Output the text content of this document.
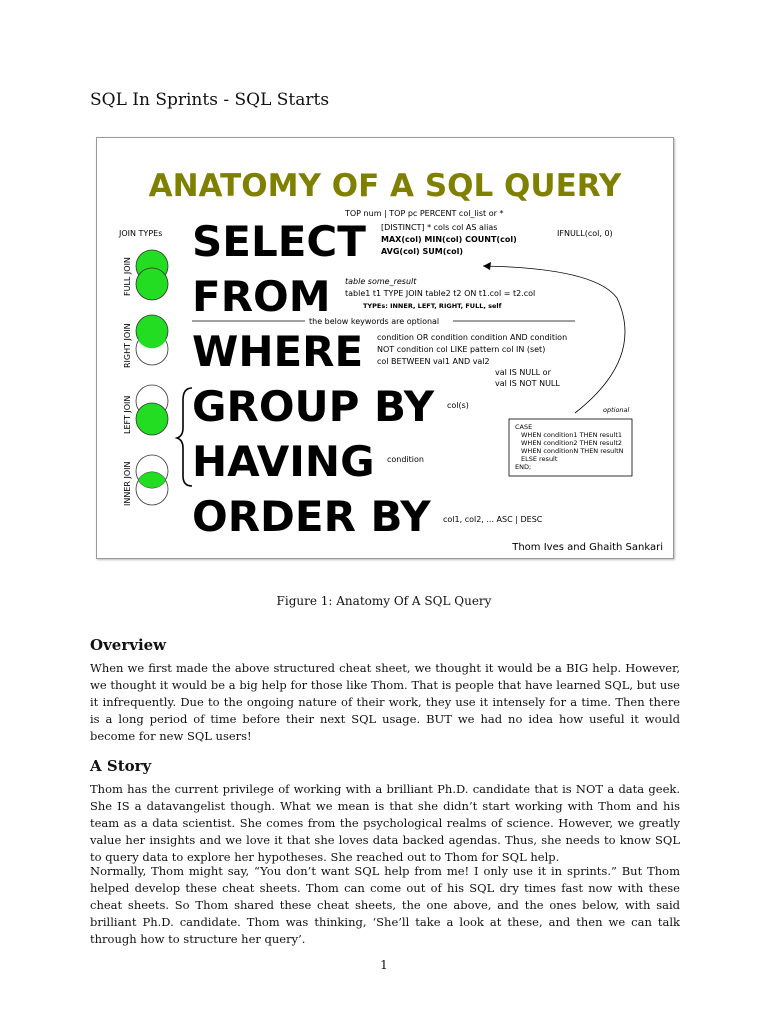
SQL In Sprints - SQL Starts
ANATOMY OF A SQL QUERY
SELECT
FROM
WHERE
GROUP BY
HAVING
ORDER BY
JOIN TYPEs
FULL JOIN
RIGHT JOIN
LEFT JOIN
INNER JOIN
TOP num | TOP pc PERCENT col_list or *
[DISTINCT] * cols col AS alias
MAX(col) MIN(col) COUNT(col)
AVG(col) SUM(col)
IFNULL(col, 0)
table some_result
table1 t1 TYPE JOIN table2 t2 ON t1.col = t2.col
TYPEs: INNER, LEFT, RIGHT, FULL, self
the below keywords are optional
condition OR condition condition AND condition
NOT condition col LIKE pattern col IN (set)
col BETWEEN val1 AND val2
val IS NULL or
val IS NOT NULL
optional
CASE
WHEN condition1 THEN result1
WHEN condition2 THEN result2
WHEN conditionN THEN resultN
ELSE result
END;
col(s)
condition
col1, col2, ... ASC | DESC
Thom Ives and Ghaith Sankari
Figure 1: Anatomy Of A SQL Query
Overview

When we first made the above structured cheat sheet, we thought it would be a BIG help. However, we thought it would be a big help for those like Thom. That is people that have learned SQL, but use it infrequently. Due to the ongoing nature of their work, they use it intensely for a time. Then there is a long period of time before their next SQL usage. BUT we had no idea how useful it would become for new SQL users!

A Story

Thom has the current privilege of working with a brilliant Ph.D. candidate that is NOT a data geek. She IS a datavangelist though. What we mean is that she didn’t start working with Thom and his team as a data scientist. She comes from the psychological realms of science. However, we greatly value her insights and we love it that she loves data backed agendas. Thus, she needs to know SQL to query data to explore her hypotheses. She reached out to Thom for SQL help.

Normally, Thom might say, “You don’t want SQL help from me! I only use it in sprints.” But Thom helped develop these cheat sheets. Thom can come out of his SQL dry times fast now with these cheat sheets. So Thom shared these cheat sheets, the one above, and the ones below, with said brilliant Ph.D. candidate. Thom was thinking, ‘She’ll take a look at these, and then we can talk through how to structure her query’.

1
